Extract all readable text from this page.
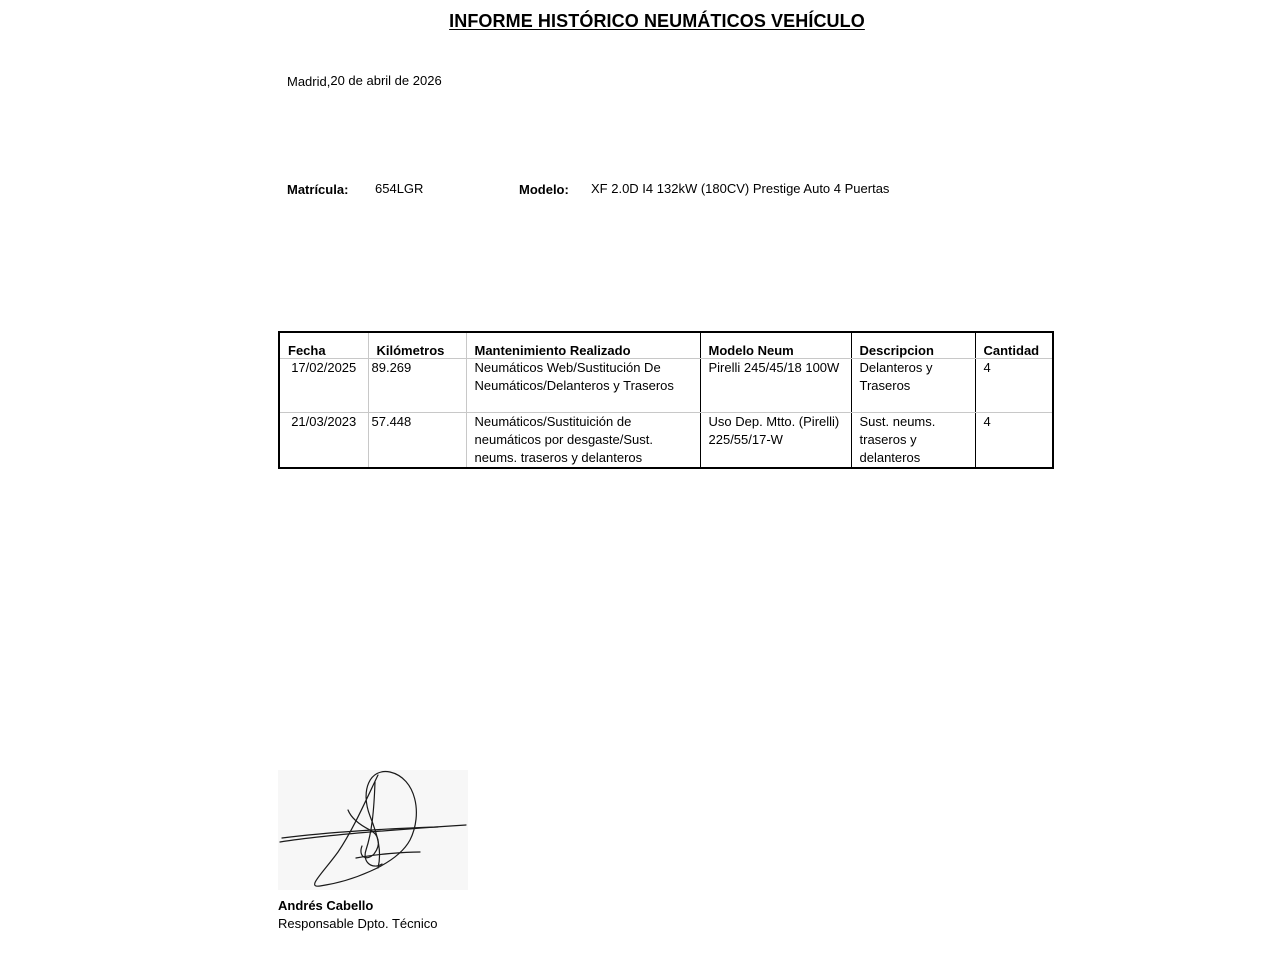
INFORME HISTÓRICO NEUMÁTICOS VEHÍCULO
Madrid,20 de abril de 2026
Matrícula: 654LGR	Modelo: XF 2.0D I4 132kW (180CV) Prestige Auto 4 Puertas
Fecha	Kilómetros	Mantenimiento Realizado	Modelo Neum	Descripcion	Cantidad
17/02/2025	89.269	Neumáticos Web/Sustitución De Neumáticos/Delanteros y Traseros	Pirelli 245/45/18 100W	Delanteros y Traseros	4
21/03/2023	57.448	Neumáticos/Sustituición de neumáticos por desgaste/Sust. neums. traseros y delanteros	Uso Dep. Mtto. (Pirelli) 225/55/17-W	Sust. neums. traseros y delanteros	4
Andrés Cabello
Responsable Dpto. Técnico
